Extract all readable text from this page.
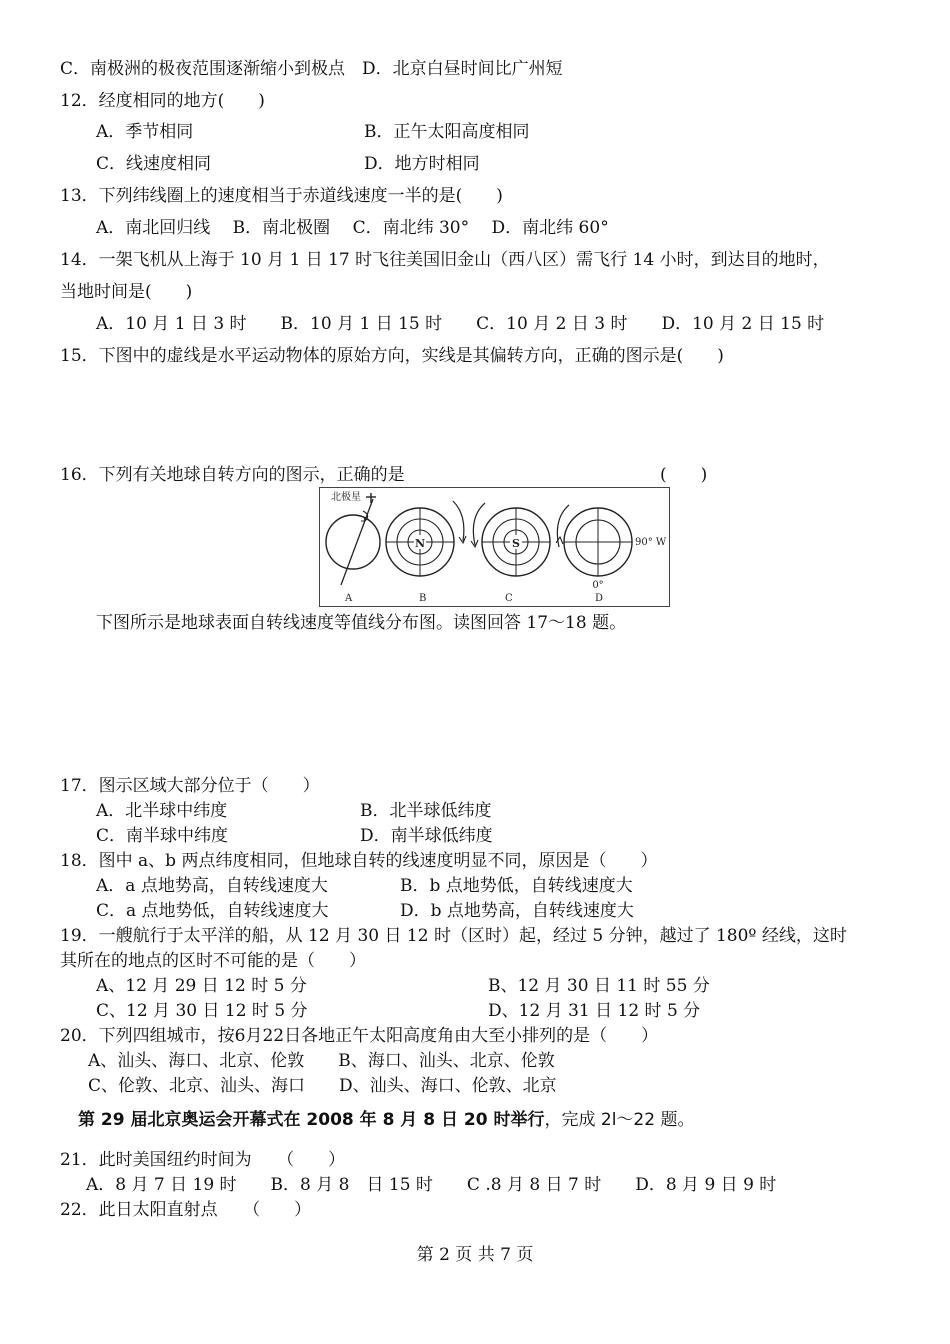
C．南极洲的极夜范围逐渐缩小到极点　D．北京白昼时间比广州短
12．经度相同的地方(　　)
A．季节相同	B．正午太阳高度相同
C．线速度相同	D．地方时相同
13．下列纬线圈上的速度相当于赤道线速度一半的是(　　)
A．南北回归线　 B．南北极圈　 C．南北纬 30°　 D．南北纬 60°
14．一架飞机从上海于 10 月 1 日 17 时飞往美国旧金山（西八区）需飞行 14 小时，到达目的地时，
当地时间是(　　)
A．10 月 1 日 3 时　　B．10 月 1 日 15 时　　C．10 月 2 日 3 时　　D．10 月 2 日 15 时
15．下图中的虚线是水平运动物体的原始方向，实线是其偏转方向，正确的图示是(　　)
16．下列有关地球自转方向的图示，正确的是	(　　)
北极星
N	S	90° W
0°
A	B	C	D
下图所示是地球表面自转线速度等值线分布图。读图回答 17～18 题。
17．图示区域大部分位于（　　）
A．北半球中纬度	B．北半球低纬度
C．南半球中纬度	D．南半球低纬度
18．图中 a、b 两点纬度相同，但地球自转的线速度明显不同，原因是（　　）
A．a 点地势高，自转线速度大	B．b 点地势低，自转线速度大
C．a 点地势低，自转线速度大	D．b 点地势高，自转线速度大
19．一艘航行于太平洋的船，从 12 月 30 日 12 时（区时）起，经过 5 分钟，越过了 180º 经线，这时
其所在的地点的区时不可能的是（　　）
A、12 月 29 日 12 时 5 分	B、12 月 30 日 11 时 55 分
C、12 月 30 日 12 时 5 分	D、12 月 31 日 12 时 5 分
20．下列四组城市，按6月22日各地正午太阳高度角由大至小排列的是（　　）
A、汕头、海口、北京、伦敦　　B、海口、汕头、北京、伦敦
C、伦敦、北京、汕头、海口　　D、汕头、海口、伦敦、北京
第 29 届北京奥运会开幕式在 2008 年 8 月 8 日 20 时举行，完成 2l～22 题。
21．此时美国纽约时间为　　（　　）
A．8 月 7 日 19 时　　B．8 月 8　日 15 时　　C .8 月 8 日 7 时　　D．8 月 9 日 9 时
22．此日太阳直射点　　（　　）
第 2 页 共 7 页
